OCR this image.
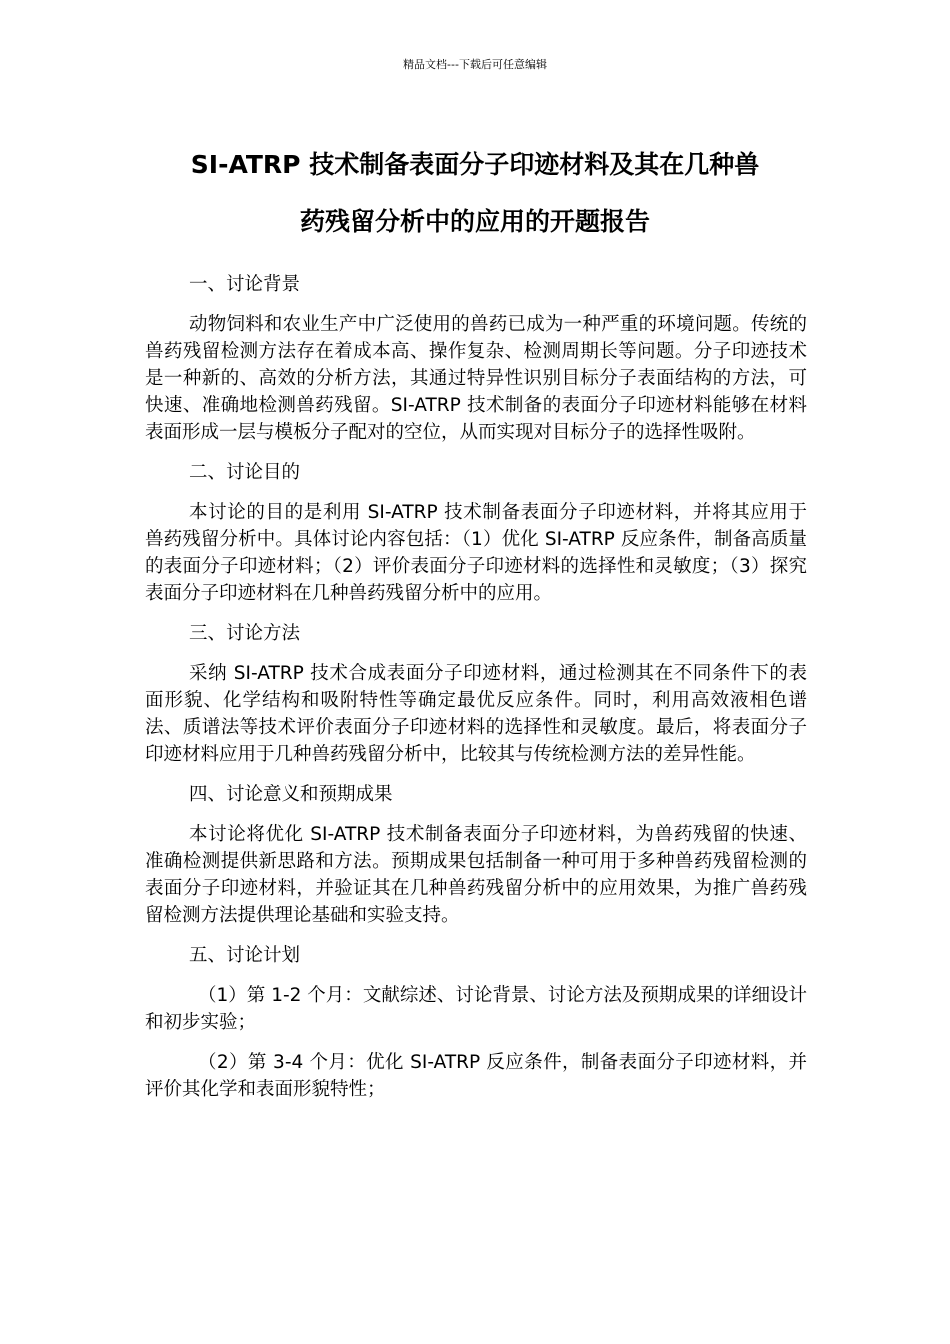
精品文档---下载后可任意编辑
SI-ATRP 技术制备表面分子印迹材料及其在几种兽
药残留分析中的应用的开题报告

一、讨论背景

动物饲料和农业生产中广泛使用的兽药已成为一种严重的环境问题。传统的兽药残留检测方法存在着成本高、操作复杂、检测周期长等问题。分子印迹技术是一种新的、高效的分析方法，其通过特异性识别目标分子表面结构的方法，可快速、准确地检测兽药残留。SI-ATRP 技术制备的表面分子印迹材料能够在材料表面形成一层与模板分子配对的空位，从而实现对目标分子的选择性吸附。

二、讨论目的

本讨论的目的是利用 SI-ATRP 技术制备表面分子印迹材料，并将其应用于兽药残留分析中。具体讨论内容包括：（1）优化 SI-ATRP 反应条件，制备高质量的表面分子印迹材料；（2）评价表面分子印迹材料的选择性和灵敏度；（3）探究表面分子印迹材料在几种兽药残留分析中的应用。

三、讨论方法

采纳 SI-ATRP 技术合成表面分子印迹材料，通过检测其在不同条件下的表面形貌、化学结构和吸附特性等确定最优反应条件。同时，利用高效液相色谱法、质谱法等技术评价表面分子印迹材料的选择性和灵敏度。最后，将表面分子印迹材料应用于几种兽药残留分析中，比较其与传统检测方法的差异性能。

四、讨论意义和预期成果

本讨论将优化 SI-ATRP 技术制备表面分子印迹材料，为兽药残留的快速、准确检测提供新思路和方法。预期成果包括制备一种可用于多种兽药残留检测的表面分子印迹材料，并验证其在几种兽药残留分析中的应用效果，为推广兽药残留检测方法提供理论基础和实验支持。

五、讨论计划

（1）第 1-2 个月：文献综述、讨论背景、讨论方法及预期成果的详细设计和初步实验；

（2）第 3-4 个月：优化 SI-ATRP 反应条件，制备表面分子印迹材料，并评价其化学和表面形貌特性；
